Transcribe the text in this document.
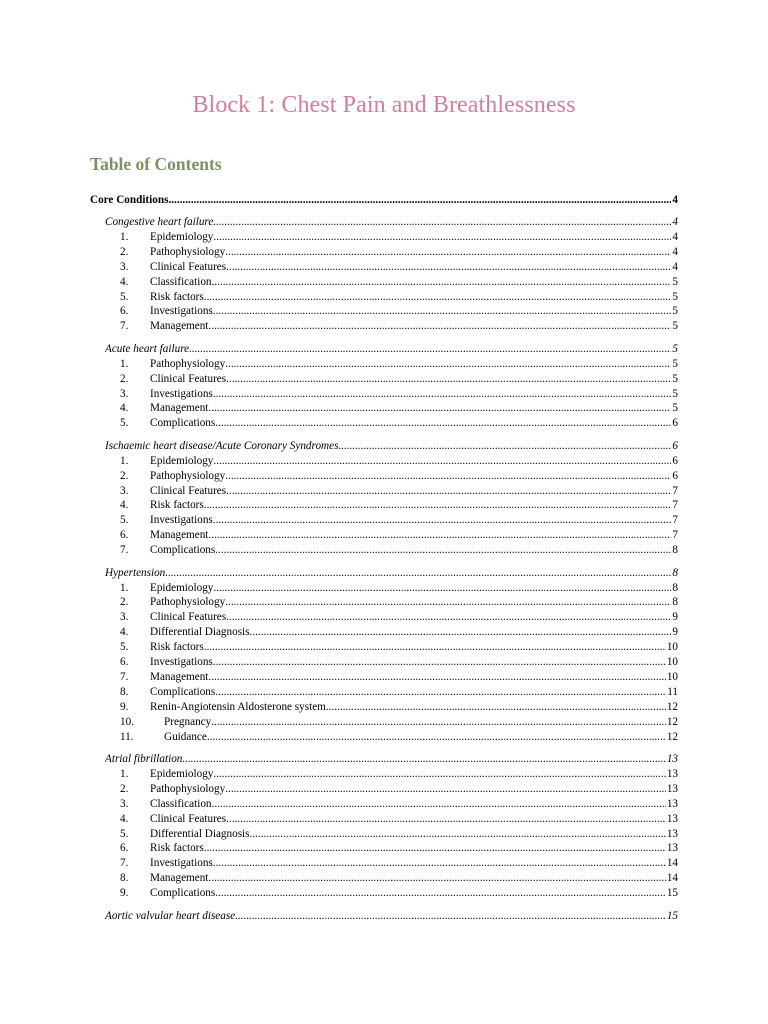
Block 1: Chest Pain and Breathlessness
Table of Contents
Core Conditions .....	4
Congestive heart failure .....	4
1.	Epidemiology .....	4
2.	Pathophysiology .....	4
3.	Clinical Features .....	4
4.	Classification .....	5
5.	Risk factors .....	5
6.	Investigations .....	5
7.	Management .....	5
Acute heart failure .....	5
1.	Pathophysiology .....	5
2.	Clinical Features .....	5
3.	Investigations .....	5
4.	Management .....	5
5.	Complications .....	6
Ischaemic heart disease/Acute Coronary Syndromes .....	6
1.	Epidemiology .....	6
2.	Pathophysiology .....	6
3.	Clinical Features .....	7
4.	Risk factors .....	7
5.	Investigations .....	7
6.	Management .....	7
7.	Complications .....	8
Hypertension .....	8
1.	Epidemiology .....	8
2.	Pathophysiology .....	8
3.	Clinical Features .....	9
4.	Differential Diagnosis .....	9
5.	Risk factors .....	10
6.	Investigations .....	10
7.	Management .....	10
8.	Complications .....	11
9.	Renin-Angiotensin Aldosterone system .....	12
10.	Pregnancy .....	12
11.	Guidance .....	12
Atrial fibrillation .....	13
1.	Epidemiology .....	13
2.	Pathophysiology .....	13
3.	Classification .....	13
4.	Clinical Features .....	13
5.	Differential Diagnosis .....	13
6.	Risk factors .....	13
7.	Investigations .....	14
8.	Management .....	14
9.	Complications .....	15
Aortic valvular heart disease .....	15
